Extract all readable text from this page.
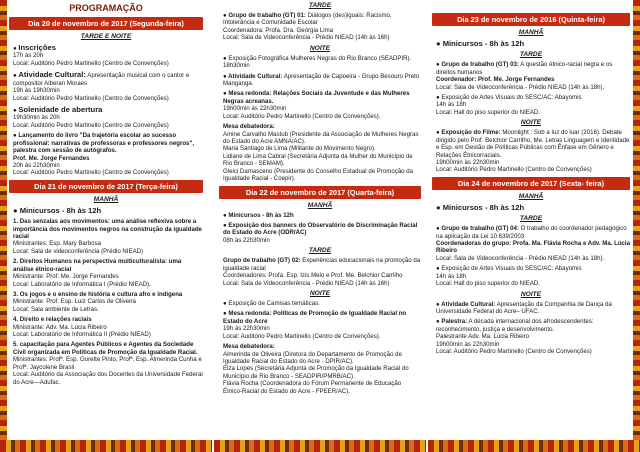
PROGRAMAÇÃO
Dia 20 de novembro de 2017 (Segunda-feira)
TARDE E NOITE
● Inscrições
17h às 20h
Local: Auditório Pedro Martinello (Centro de Convenções)
● Atividade Cultural: Apresentação musical com o cantor e compositor Alberan Moraes
19h às 19h30min
Local: Auditório Pedro Martinello (Centro de Convenções)
● Solenidade de abertura
19h30min às 20h
Local: Auditório Pedro Martinello (Centro de Convenções)
● Lançamento do livro "Da trajetória escolar ao sucesso profissional: narrativas de professoras e professores negros", palestra com sessão de autógrafos.
Prof. Me. Jorge Fernandes
20h às 22h30min
Local: Auditório Pedro Martinello (Centro de Convenções)
Dia 21 de novembro de 2017 (Terça-feira)
MANHÃ
● Minicursos - 8h às 12h
1. Das senzalas aos movimentos: uma análise reflexiva sobre a importância dos movimentos negros na construção da igualdade racial
Ministrantes: Esp. Mary Barbosa
Local: Sala de videoconferência (Prédio NIEAD)
2. Direitos Humanos na perspectiva multiculturalista: uma análise étnico-racial
Ministrante: Prof. Me. Jorge Fernandes
Local: Laboratório de Informática I (Prédio NIEAD).
3. Os jogos e o ensino de história e cultura afro e indígena
Ministrante: Prof. Esp. Luiz Carlos de Oliveira
Local: Sala ambiente de Letras.
4. Direito e relações raciais
Ministrante: Adv. Ma. Lúcia Ribeiro
Local: Laboratório de Informática II (Prédio NIEAD)
5. capacitação para Agentes Públicos e Agentes da Sociedade Civil organizada em Políticas de Promoção da Igualdade Racial.
Ministrantes: Profª. Esp. Gorette Pinto, Profª. Esp. Almerinda Cunha e Profª. Jaycolene Brasil
Local: Auditório da Associação dos Docentes da Universidade Federal do Acre—Adufac.
TARDE
● Grupo de trabalho (GT) 01: Diálogos (des)iguais: Racismo, Intolerância e Comunidade Escolar
Coordenadora: Profa. Dra. Geórgia Lima
Local: Sala de Videoconferência - Prédio NIEAD (14h às 16h)
NOITE
● Exposição Fotográfica Mulheres Negras do Rio Branco (SEADPIR). 18h30min
● Atividade Cultural: Apresentação de Capoeira - Grupo Besouro Preto Manganga.
● Mesa redonda: Relações Sociais da Juventude e das Mulheres Negras acreanas.
19h00min às 22h30min
Local: Auditório Pedro Martinello (Centro de Convenções).
Mesa debatedora:
Amine Carvalho Mastub (Presidente da Associação de Mulheres Negras do Estado do Acre AMNA/AC).
Maria Santiago de Lima (Militante do Movimento Negro).
Lidiane de Lima Cabral (Secretária Adjunta da Mulher do Município de Rio Branco - SEMAM).
Gleici Damasceno (Presidente do Conselho Estadual de Promoção da Igualdade Racial - Coepir).
Dia 22 de novembro de 2017 (Quarta-feira)
MANHÃ
● Minicursos - 8h às 12h
● Exposição dos banners do Observatório de Discriminação Racial do Estado do Acre (ODR/AC)
08h às 22h30min
TARDE
Grupo de trabalho (GT) 02: Experiências educacionais na promoção da igualdade racial
Coordenadores: Profa. Esp. Izis Melo e Prof. Me. Belchior Carrilho
Local: Sala de Videoconferência - Prédio NIEAD (14h às 16h)
NOITE
● Exposição de Camisas temáticas.
● Mesa redonda: Políticas de Promoção de Igualdade Racial no Estado do Acre
19h às 22h30min
Local: Auditório Pedro Martinello (Centro de Convenções).
Mesa debatedora:
Almerinda de Oliveira (Diretora do Departamento de Promoção de Igualdade Racial do Estado do Acre - DPIR/AC).
Elza Lopes (Secretária Adjunta de Promoção da Igualdade Racial do Município de Rio Branco - SEADPIR/PMRB/AC).
Flávia Rocha (Coordenadora do Fórum Permanente de Educação Étnico-Racial do Estado do Acre - FPEER/AC).
Dia 23 de novembro de 2016 (Quinta-feira)
MANHÃ
● Minicursos - 8h às 12h
TARDE
● Grupo de trabalho (GT) 03: A questão étnico-racial negra e os direitos humanos
Coordenador: Prof. Me. Jorge Fernandes
Local: Sala de Videoconferência - Prédio NIEAD (14h às 18h).
● Exposição de Artes Visuais do SESC/AC: Abayomis
14h às 18h
Local: Hall do piso superior do NIEAD.
NOITE
● Exposição do Filme: Moonlight : Sob a luz do luar (2016). Debate dirigido pelo Prof. Belchior Carrilho, Me. Letras Linguagem e Identidade e Esp. em Gestão de Políticas Públicas com Ênfase em Gênero e Relações Étnicorraciais.
19h00min às 22h30min
Local: Auditório Pedro Martinello (Centro de Convenções)
Dia 24 de novembro de 2017 (Sexta- feira)
MANHÃ
● Minicursos - 8h às 12h
TARDE
● Grupo de trabalho (GT) 04: O trabalho do coordenador pedagógico na aplicação da Lei 10.639/2003
Coordenadoras do grupo: Profa. Ma. Flávia Rocha e Adv. Ma. Lúcia Ribeiro
Local: Sala de Videoconferência - Prédio NIEAD (14h às 18h).
● Exposição de Artes Visuais do SESC/AC: Abayomis
14h às 18h
Local: Hall do piso superior do NIEAD.
NOITE
● Atividade Cultural: Apresentação da Companhia de Dança da Universidade Federal do Acre– UFAC.
● Palestra: A década internacional dos afrodescendentes: reconhecimento, justiça e desenvolvimento.
Palestrante Adv. Ma. Lúcia Ribeiro
19h00min às 22h30min
Local: Auditório Pedro Martinello (Centro de Convenções)
